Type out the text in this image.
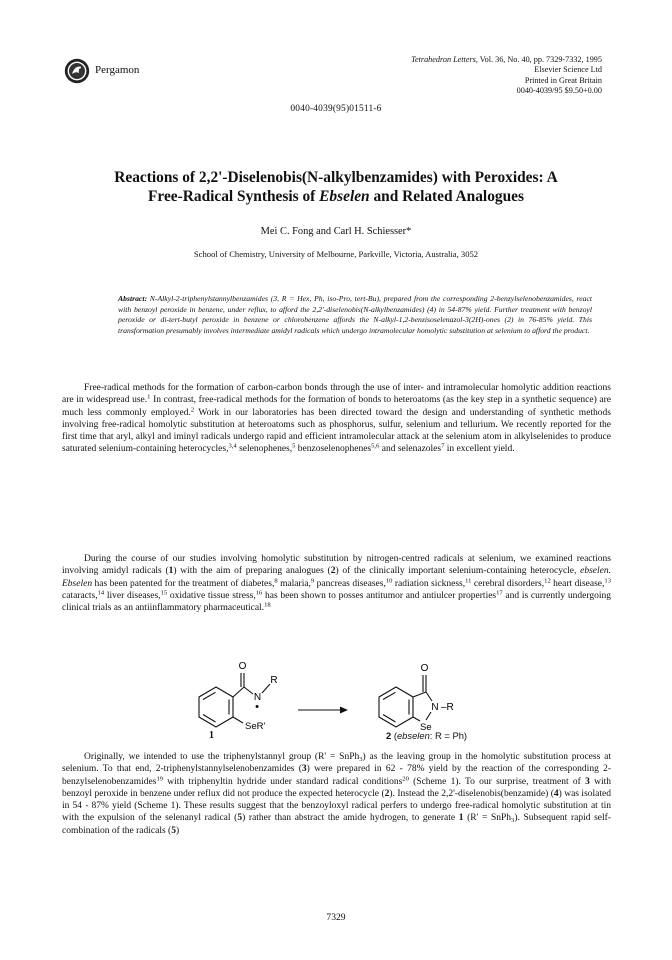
Pergamon
Tetrahedron Letters, Vol. 36, No. 40, pp. 7329-7332, 1995
Elsevier Science Ltd
Printed in Great Britain
0040-4039/95 $9.50+0.00
0040-4039(95)01511-6
Reactions of 2,2'-Diselenobis(N-alkylbenzamides) with Peroxides: A
Free-Radical Synthesis of Ebselen and Related Analogues
Mei C. Fong and Carl H. Schiesser*
School of Chemistry, University of Melbourne, Parkville, Victoria, Australia, 3052
Abstract: N-Alkyl-2-triphenylstannylbenzamides (3, R = Hex, Ph, iso-Pro, tert-Bu), prepared from the corresponding 2-benzylselenobenzamides, react with benzoyl peroxide in benzene, under reflux, to afford the 2,2'-diselenobis(N-alkylbenzamides) (4) in 54-87% yield. Further treatment with benzoyl peroxide or di-tert-butyl peroxide in benzene or chlorobenzene affords the N-alkyl-1,2-benzisoselenazol-3(2H)-ones (2) in 76-85% yield. This transformation presumably involves intermediate amidyl radicals which undergo intramolecular homolytic substitution at selenium to afford the product.

Free-radical methods for the formation of carbon-carbon bonds through the use of inter- and intramolecular homolytic addition reactions are in widespread use.$^1$ In contrast, free-radical methods for the formation of bonds to heteroatoms (as the key step in a synthetic sequence) are much less commonly employed.$^2$ Work in our laboratories has been directed toward the design and understanding of synthetic methods involving free-radical homolytic substitution at heteroatoms such as phosphorus, sulfur, selenium and tellurium. We recently reported for the first time that aryl, alkyl and iminyl radicals undergo rapid and efficient intramolecular attack at the selenium atom in alkylselenides to produce saturated selenium-containing heterocycles,$^{3,4}$ selenophenes,$^5$ benzoselenophenes$^{5,6}$ and selenazoles$^7$ in excellent yield.

During the course of our studies involving homolytic substitution by nitrogen-centred radicals at selenium, we examined reactions involving amidyl radicals (1) with the aim of preparing analogues (2) of the clinically important selenium-containing heterocycle, ebselen. Ebselen has been patented for the treatment of diabetes,$^8$ malaria,$^9$ pancreas diseases,$^{10}$ radiation sickness,$^{11}$ cerebral disorders,$^{12}$ heart disease,$^{13}$ cataracts,$^{14}$ liver diseases,$^{15}$ oxidative tissue stress,$^{16}$ has been shown to posses antitumor and antiulcer properties$^{17}$ and is currently undergoing clinical trials as an antiinflammatory pharmaceutical.$^{18}$

O
N
R
•
SeR'
O
N –R
Se
1	2 (ebselen: R = Ph)

Originally, we intended to use the triphenylstannyl group (R' = SnPh$_3$) as the leaving group in the homolytic substitution process at selenium. To that end, 2-triphenylstannylselenobenzamides (3) were prepared in 62 - 78% yield by the reaction of the corresponding 2-benzylselenobenzamides$^{19}$ with triphenyltin hydride under standard radical conditions$^{20}$ (Scheme 1). To our surprise, treatment of 3 with benzoyl peroxide in benzene under reflux did not produce the expected heterocycle (2). Instead the 2,2'-diselenobis(benzamide) (4) was isolated in 54 - 87% yield (Scheme 1). These results suggest that the benzoyloxyl radical perfers to undergo free-radical homolytic substitution at tin with the expulsion of the selenanyl radical (5) rather than abstract the amide hydrogen, to generate 1 (R' = SnPh$_3$). Subsequent rapid self-combination of the radicals (5)

7329
